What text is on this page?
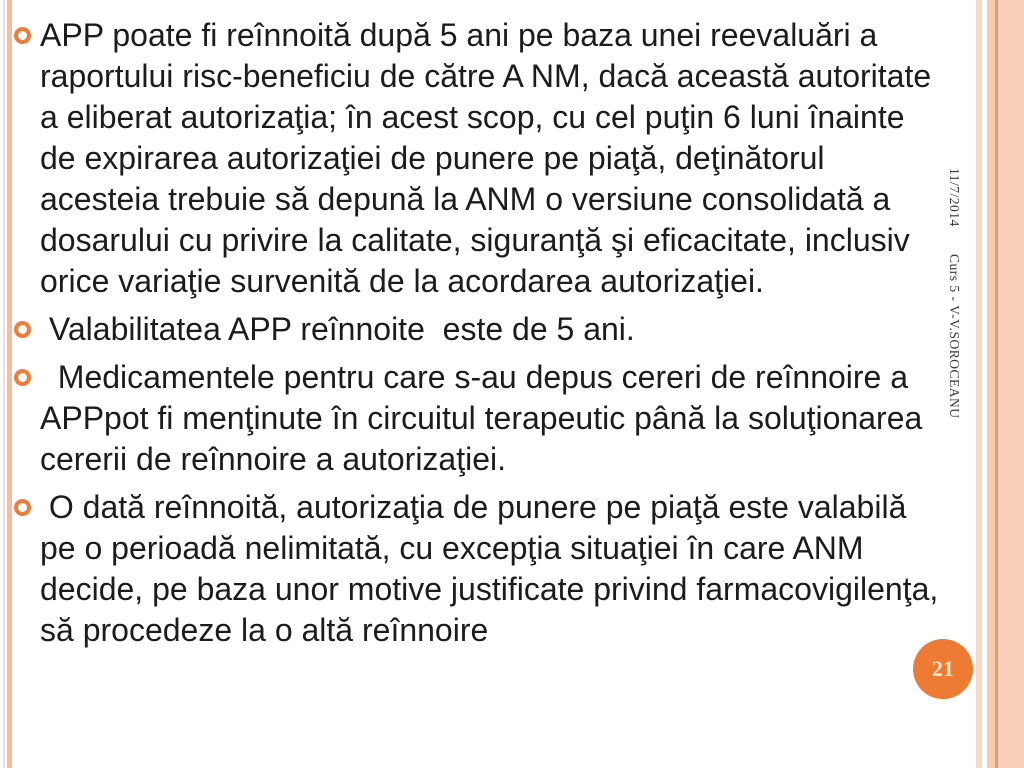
11/7/2014
Curs 5 - V-V.SOROCEANU

APP poate fi reînnoită după 5 ani pe baza unei reevaluări a raportului risc-beneficiu de către A NM, dacă această autoritate a eliberat autorizaţia; în acest scop, cu cel puţin 6 luni înainte de expirarea autorizaţiei de punere pe piaţă, deţinătorul acesteia trebuie să depună la ANM o versiune consolidată a dosarului cu privire la calitate, siguranţă şi eficacitate, inclusiv orice variaţie survenită de la acordarea autorizaţiei.

Valabilitatea APP reînnoite  este de 5 ani.

Medicamentele pentru care s-au depus cereri de reînnoire a APPpot fi menţinute în circuitul terapeutic până la soluţionarea cererii de reînnoire a autorizaţiei.

O dată reînnoită, autorizaţia de punere pe piaţă este valabilă pe o perioadă nelimitată, cu excepţia situaţiei în care ANM decide, pe baza unor motive justificate privind farmacovigilenţa, să procedeze la o altă reînnoire

21
